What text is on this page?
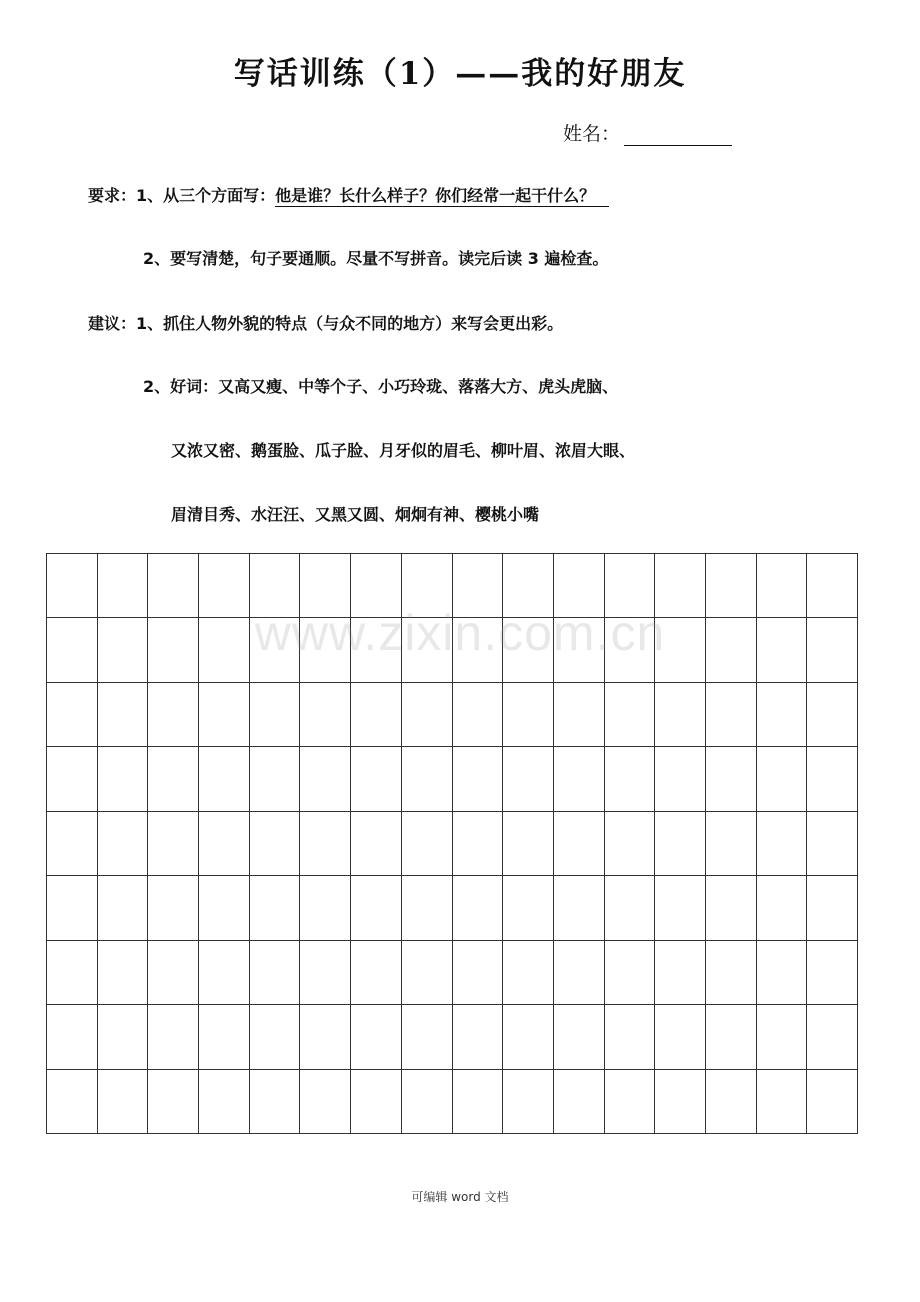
写话训练（1）——我的好朋友
姓名：
要求：1、从三个方面写：他是谁？长什么样子？你们经常一起干什么？
2、要写清楚，句子要通顺。尽量不写拼音。读完后读 3 遍检查。
建议：1、抓住人物外貌的特点（与众不同的地方）来写会更出彩。
2、好词：又高又瘦、中等个子、小巧玲珑、落落大方、虎头虎脑、
又浓又密、鹅蛋脸、瓜子脸、月牙似的眉毛、柳叶眉、浓眉大眼、
眉清目秀、水汪汪、又黑又圆、炯炯有神、樱桃小嘴
www.zixin.com.cn
可编辑 word 文档
